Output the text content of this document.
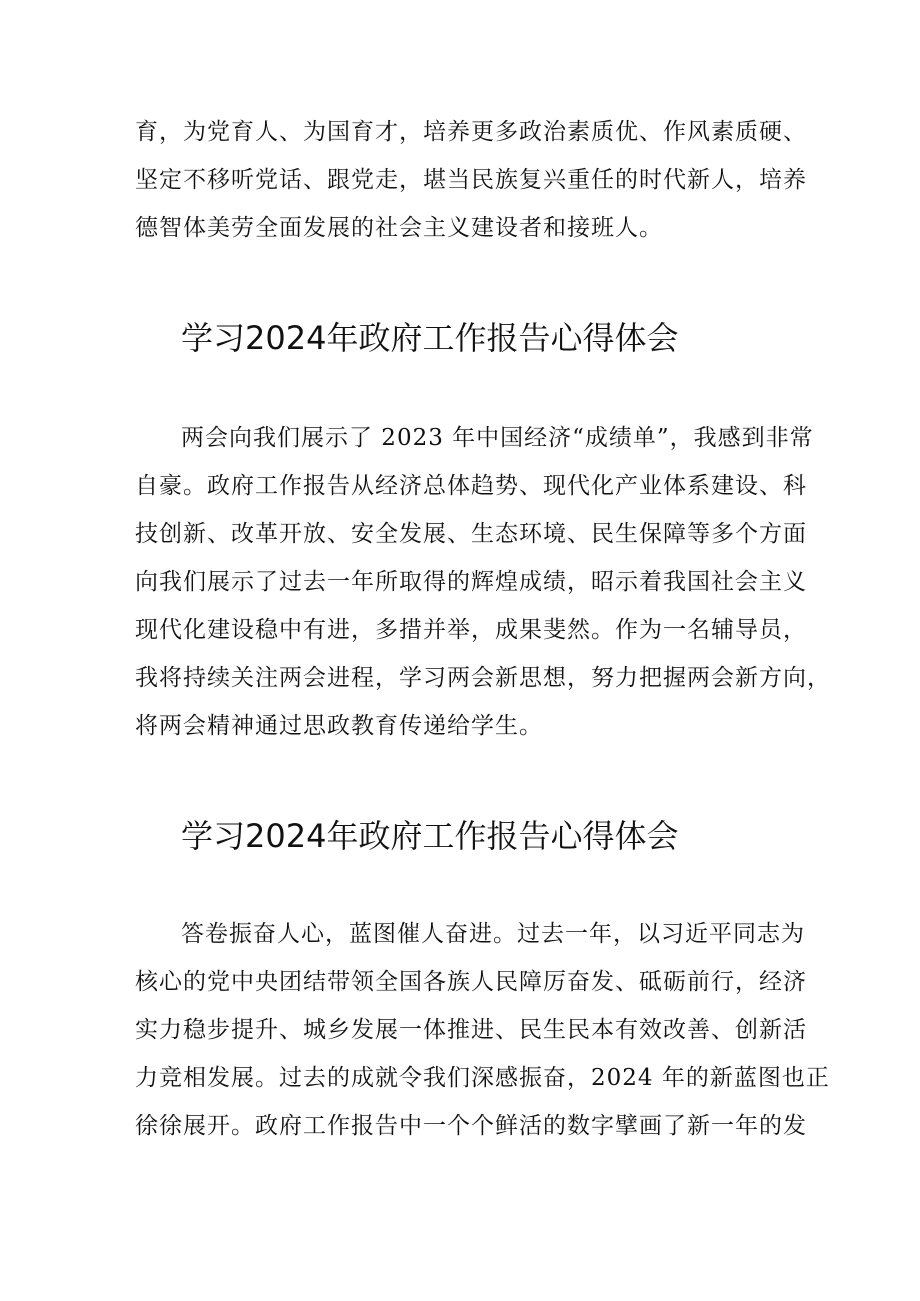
育，为党育人、为国育才，培养更多政治素质优、作风素质硬、
坚定不移听党话、跟党走，堪当民族复兴重任的时代新人，培养
德智体美劳全面发展的社会主义建设者和接班人。
学习2024年政府工作报告心得体会
两会向我们展示了 2023 年中国经济“成绩单”，我感到非常
自豪。政府工作报告从经济总体趋势、现代化产业体系建设、科
技创新、改革开放、安全发展、生态环境、民生保障等多个方面
向我们展示了过去一年所取得的辉煌成绩，昭示着我国社会主义
现代化建设稳中有进，多措并举，成果斐然。作为一名辅导员，
我将持续关注两会进程，学习两会新思想，努力把握两会新方向，
将两会精神通过思政教育传递给学生。
学习2024年政府工作报告心得体会
答卷振奋人心，蓝图催人奋进。过去一年，以习近平同志为
核心的党中央团结带领全国各族人民障厉奋发、砥砺前行，经济
实力稳步提升、城乡发展一体推进、民生民本有效改善、创新活
力竞相发展。过去的成就令我们深感振奋，2024 年的新蓝图也正
徐徐展开。政府工作报告中一个个鲜活的数字擘画了新一年的发
